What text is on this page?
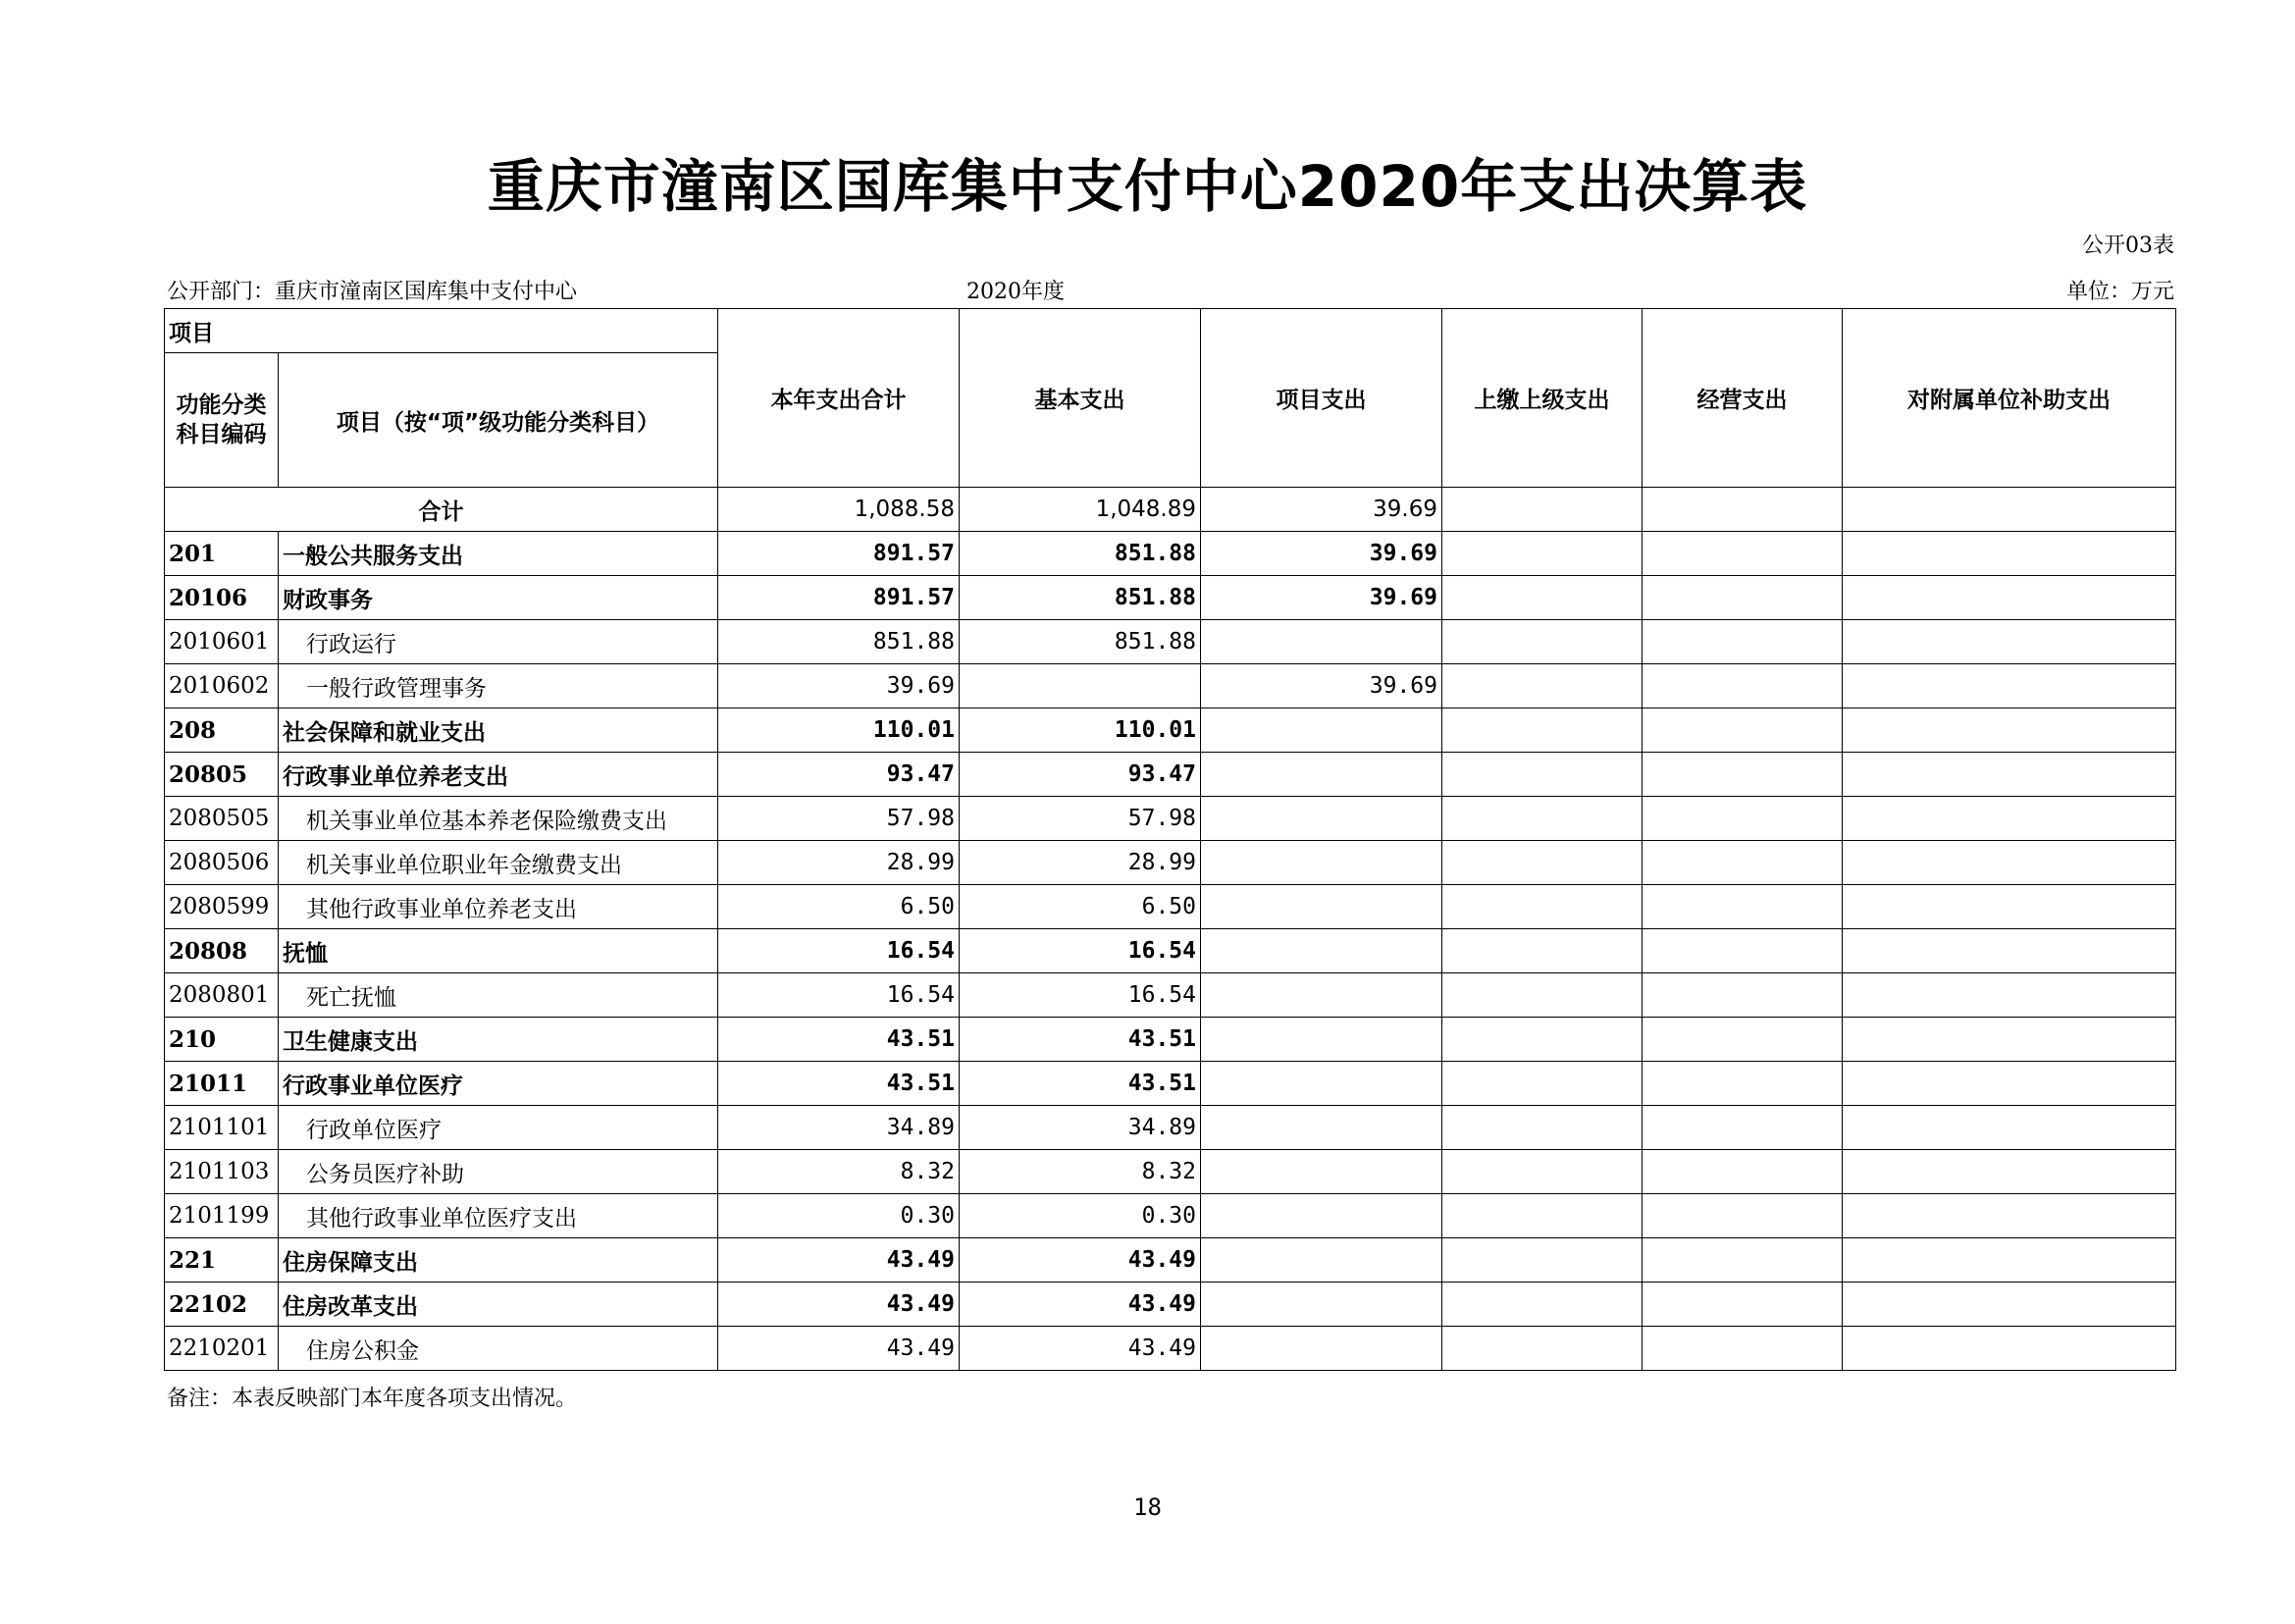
重庆市潼南区国库集中支付中心2020年支出决算表
公开03表
公开部门：重庆市潼南区国库集中支付中心	2020年度	单位：万元
项目		本年支出合计	基本支出	项目支出	上缴上级支出	经营支出	对附属单位补助支出
功能分类科目编码	项目（按“项”级功能分类科目）						
合计		1,088.58	1,048.89	39.69			
201	一般公共服务支出	891.57	851.88	39.69			
20106	财政事务	891.57	851.88	39.69			
2010601	行政运行	851.88	851.88				
2010602	一般行政管理事务	39.69		39.69			
208	社会保障和就业支出	110.01	110.01				
20805	行政事业单位养老支出	93.47	93.47				
2080505	机关事业单位基本养老保险缴费支出	57.98	57.98				
2080506	机关事业单位职业年金缴费支出	28.99	28.99				
2080599	其他行政事业单位养老支出	6.50	6.50				
20808	抚恤	16.54	16.54				
2080801	死亡抚恤	16.54	16.54				
210	卫生健康支出	43.51	43.51				
21011	行政事业单位医疗	43.51	43.51				
2101101	行政单位医疗	34.89	34.89				
2101103	公务员医疗补助	8.32	8.32				
2101199	其他行政事业单位医疗支出	0.30	0.30				
221	住房保障支出	43.49	43.49				
22102	住房改革支出	43.49	43.49				
2210201	住房公积金	43.49	43.49				
备注：本表反映部门本年度各项支出情况。
18
